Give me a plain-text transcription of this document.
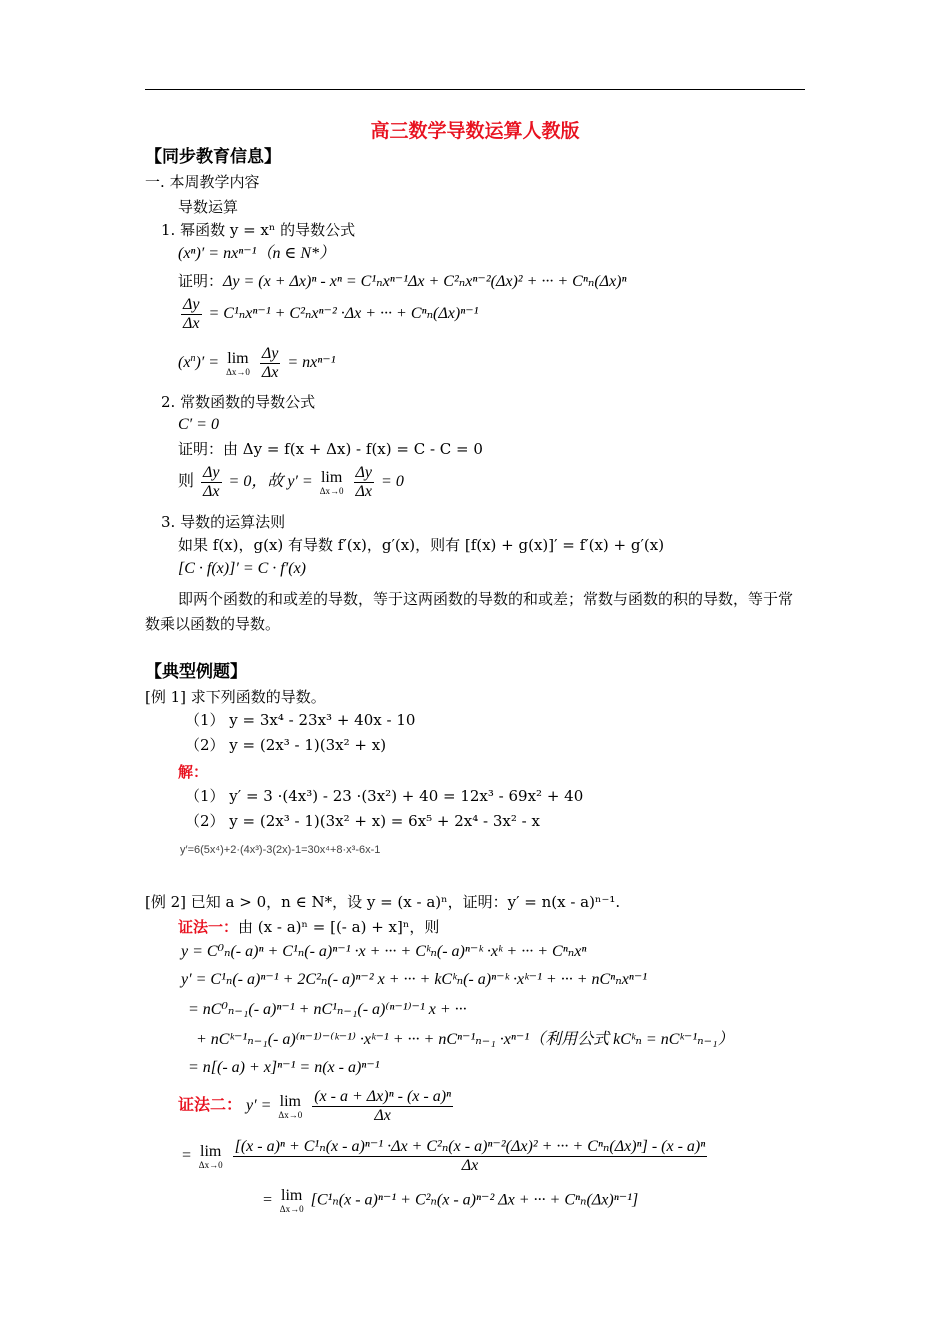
高三数学导数运算人教版
【同步教育信息】
一. 本周教学内容
导数运算
1. 幂函数 y = xⁿ 的导数公式
(xⁿ)′ = nxⁿ⁻¹（n ∈ N*）
证明：Δy = (x + Δx)ⁿ - xⁿ = C¹ₙxⁿ⁻¹Δx + C²ₙxⁿ⁻²(Δx)² + ··· + Cⁿₙ(Δx)ⁿ
$\frac{\Delta y}{\Delta x} = C^1_nx^{n-1} + C^2_nx^{n-2} \cdot\Delta x$ + ··· + Cⁿₙ(Δx)ⁿ⁻¹
$(x^n)' = \lim$
Δx→0
$\frac{\Delta y}{\Delta x} = nx^{n-1}$
2. 常数函数的导数公式
C′ = 0
证明：由 Δy = f(x + Δx) - f(x) = C - C = 0
则 $\frac{\Delta y}{\Delta x} = 0$，故 y′ = lim
Δx→0
$\frac{\Delta y}{\Delta x} = 0$
3. 导数的运算法则
如果 f(x)，g(x) 有导数 f′(x)，g′(x)，则有 [f(x) + g(x)]′ = f′(x) + g′(x)
[C · f(x)]′ = C · f′(x)
即两个函数的和或差的导数，等于这两函数的导数的和或差；常数与函数的积的导数，等于常数乘以函数的导数。
【典型例题】
[例 1] 求下列函数的导数。
（1） y = 3x⁴ - 23x³ + 40x - 10
（2） y = (2x³ - 1)(3x² + x)
解：
（1） y′ = 3 ·(4x³) - 23 ·(3x²) + 40 = 12x³ - 69x² + 40
（2） y = (2x³ - 1)(3x² + x) = 6x⁵ + 2x⁴ - 3x² - x
y′=6(5x⁴)+2·(4x³)-3(2x)-1=30x⁴+8·x³-6x-1
[例 2] 已知 a > 0，n ∈ N*，设 y = (x - a)ⁿ，证明：y′ = n(x - a)ⁿ⁻¹.
证法一：由 (x - a)ⁿ = [(- a) + x]ⁿ，则
y = C⁰ₙ(- a)ⁿ + C¹ₙ(- a)ⁿ⁻¹ ·x + ··· + Cᵏₙ(- a)ⁿ⁻ᵏ ·xᵏ + ··· + Cⁿₙxⁿ
y′ = C¹ₙ(- a)ⁿ⁻¹ + 2C²ₙ(- a)ⁿ⁻² x + ··· + kCᵏₙ(- a)ⁿ⁻ᵏ ·xᵏ⁻¹ + ··· + nCⁿₙxⁿ⁻¹
= nC⁰ₙ₋₁(- a)ⁿ⁻¹ + nC¹ₙ₋₁(- a)⁽ⁿ⁻¹⁾⁻¹ x + ···
+ nCᵏ⁻¹ₙ₋₁(- a)⁽ⁿ⁻¹⁾⁻⁽ᵏ⁻¹⁾ ·xᵏ⁻¹ + ··· + nCⁿ⁻¹ₙ₋₁ ·xⁿ⁻¹（利用公式 kCᵏₙ = nCᵏ⁻¹ₙ₋₁）
= n[(- a) + x]ⁿ⁻¹ = n(x - a)ⁿ⁻¹
证法二： y′ = lim
Δx→0
$\frac{\text{(x - a + Δx)ⁿ - (x - a)ⁿ}}{\Delta x}$
= lim
Δx→0

[(x - a)ⁿ + C¹ₙ(x - a)ⁿ⁻¹ ·Δx + C²ₙ(x - a)ⁿ⁻²(Δx)² + ··· + Cⁿₙ(Δx)ⁿ] - (x - a)ⁿ
Δx
= lim
Δx→0
[C¹ₙ(x - a)ⁿ⁻¹ + C²ₙ(x - a)ⁿ⁻² Δx + ··· + Cⁿₙ(Δx)ⁿ⁻¹]
